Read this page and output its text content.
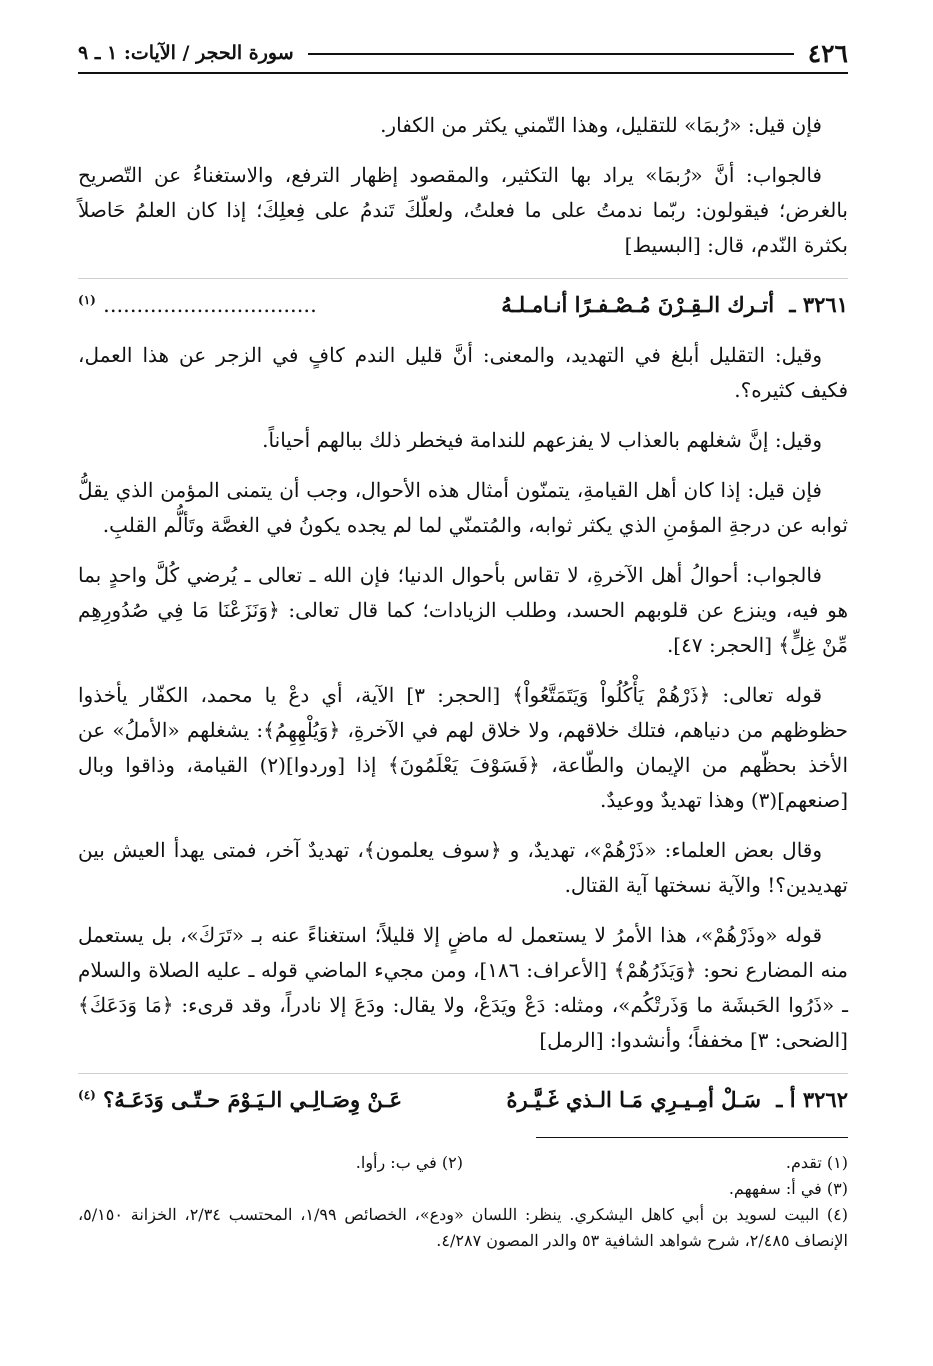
٤٢٦
سورة الحجر / الآيات: ١ ـ ٩

فإن قيل: «رُبمَا» للتقليل، وهذا التّمني يكثر من الكفار.

فالجواب: أنَّ «رُبمَا» يراد بها التكثير، والمقصود إظهار الترفع، والاستغناءُ عن التّصريح بالغرض؛ فيقولون: ربّما ندمتُ على ما فعلتُ، ولعلّكَ تَندمُ على فِعلِكَ؛ إذا كان العلمُ حَاصلاً بكثرة النّدم، قال: [البسيط]

٣٢٦١ ـ أتـرك الـقِـرْنَ مُـصْـفـرًا أنـامـلـهُ
................................ $^{(١)}$

وقيل: التقليل أبلغ في التهديد، والمعنى: أنَّ قليل الندم كافٍ في الزجر عن هذا العمل، فكيف كثيره؟.

وقيل: إنَّ شغلهم بالعذاب لا يفزعهم للندامة فيخطر ذلك ببالهم أحياناً.

فإن قيل: إذا كان أهل القيامةِ، يتمنّون أمثال هذه الأحوال، وجب أن يتمنى المؤمن الذي يقلُّ ثوابه عن درجةِ المؤمنِ الذي يكثر ثوابه، والمُتمنّي لما لم يجده يكونُ في الغصَّة وتَألُّم القلبِ.

فالجواب: أحوالُ أهل الآخرةِ، لا تقاس بأحوال الدنيا؛ فإن الله ـ تعالى ـ يُرضي كُلَّ واحدٍ بما هو فيه، وينزع عن قلوبهم الحسد، وطلب الزيادات؛ كما قال تعالى: ﴿وَنَزَعْنَا مَا فِي صُدُورِهِم مِّنْ غِلٍّ﴾ [الحجر: ٤٧].

قوله تعالى: ﴿ذَرْهُمْ يَأْكُلُواْ وَيَتَمَتَّعُواْ﴾ [الحجر: ٣] الآية، أي دعْ يا محمد، الكفّار يأخذوا حظوظهم من دنياهم، فتلك خلاقهم، ولا خلاق لهم في الآخرةِ، ﴿وَيُلْهِهِمُ﴾: يشغلهم «الأملُ» عن الأخذ بحظّهم من الإيمان والطّاعة، ﴿فَسَوْفَ يَعْلَمُونَ﴾ إذا [وردوا](٢) القيامة، وذاقوا وبال [صنعهم](٣) وهذا تهديدٌ ووعيدٌ.

وقال بعض العلماء: «ذَرْهُمْ»، تهديدٌ، و ﴿سوف يعلمون﴾، تهديدٌ آخر، فمتى يهدأ العيش بين تهديدين؟! والآية نسختها آية القتال.

قوله «وذَرْهُمْ»، هذا الأمرُ لا يستعمل له ماضٍ إلا قليلاً؛ استغناءً عنه بـ «تَرَكَ»، بل يستعمل منه المضارع نحو: ﴿وَيَذَرُهُمْ﴾ [الأعراف: ١٨٦]، ومن مجيء الماضي قوله ـ عليه الصلاة والسلام ـ «ذَرُوا الحَبشَة ما وَذَرتْكُم»، ومثله: دَعْ ويَدَعْ، ولا يقال: ودَعَ إلا نادراً، وقد قرىء: ﴿مَا وَدَعَكَ﴾ [الضحى: ٣] مخففاً؛ وأنشدوا: [الرمل]

٣٢٦٢ أ ـ سَـلْ أمِـيـرِي مَـا الـذي غَـيَّـرهُ
عَـنْ وِصَـالِـي الـيَـوْمَ حـتّـى وَدَعَـهُ؟ $^{(٤)}$

(١) تقدم.

(٢) في ب: رأوا.

(٣) في أ: سفههم.

(٤) البيت لسويد بن أبي كاهل اليشكري. ينظر: اللسان «ودع»، الخصائص ١/٩٩، المحتسب ٢/٣٤، الخزانة ٥/١٥٠، الإنصاف ٢/٤٨٥، شرح شواهد الشافية ٥٣ والدر المصون ٤/٢٨٧.
